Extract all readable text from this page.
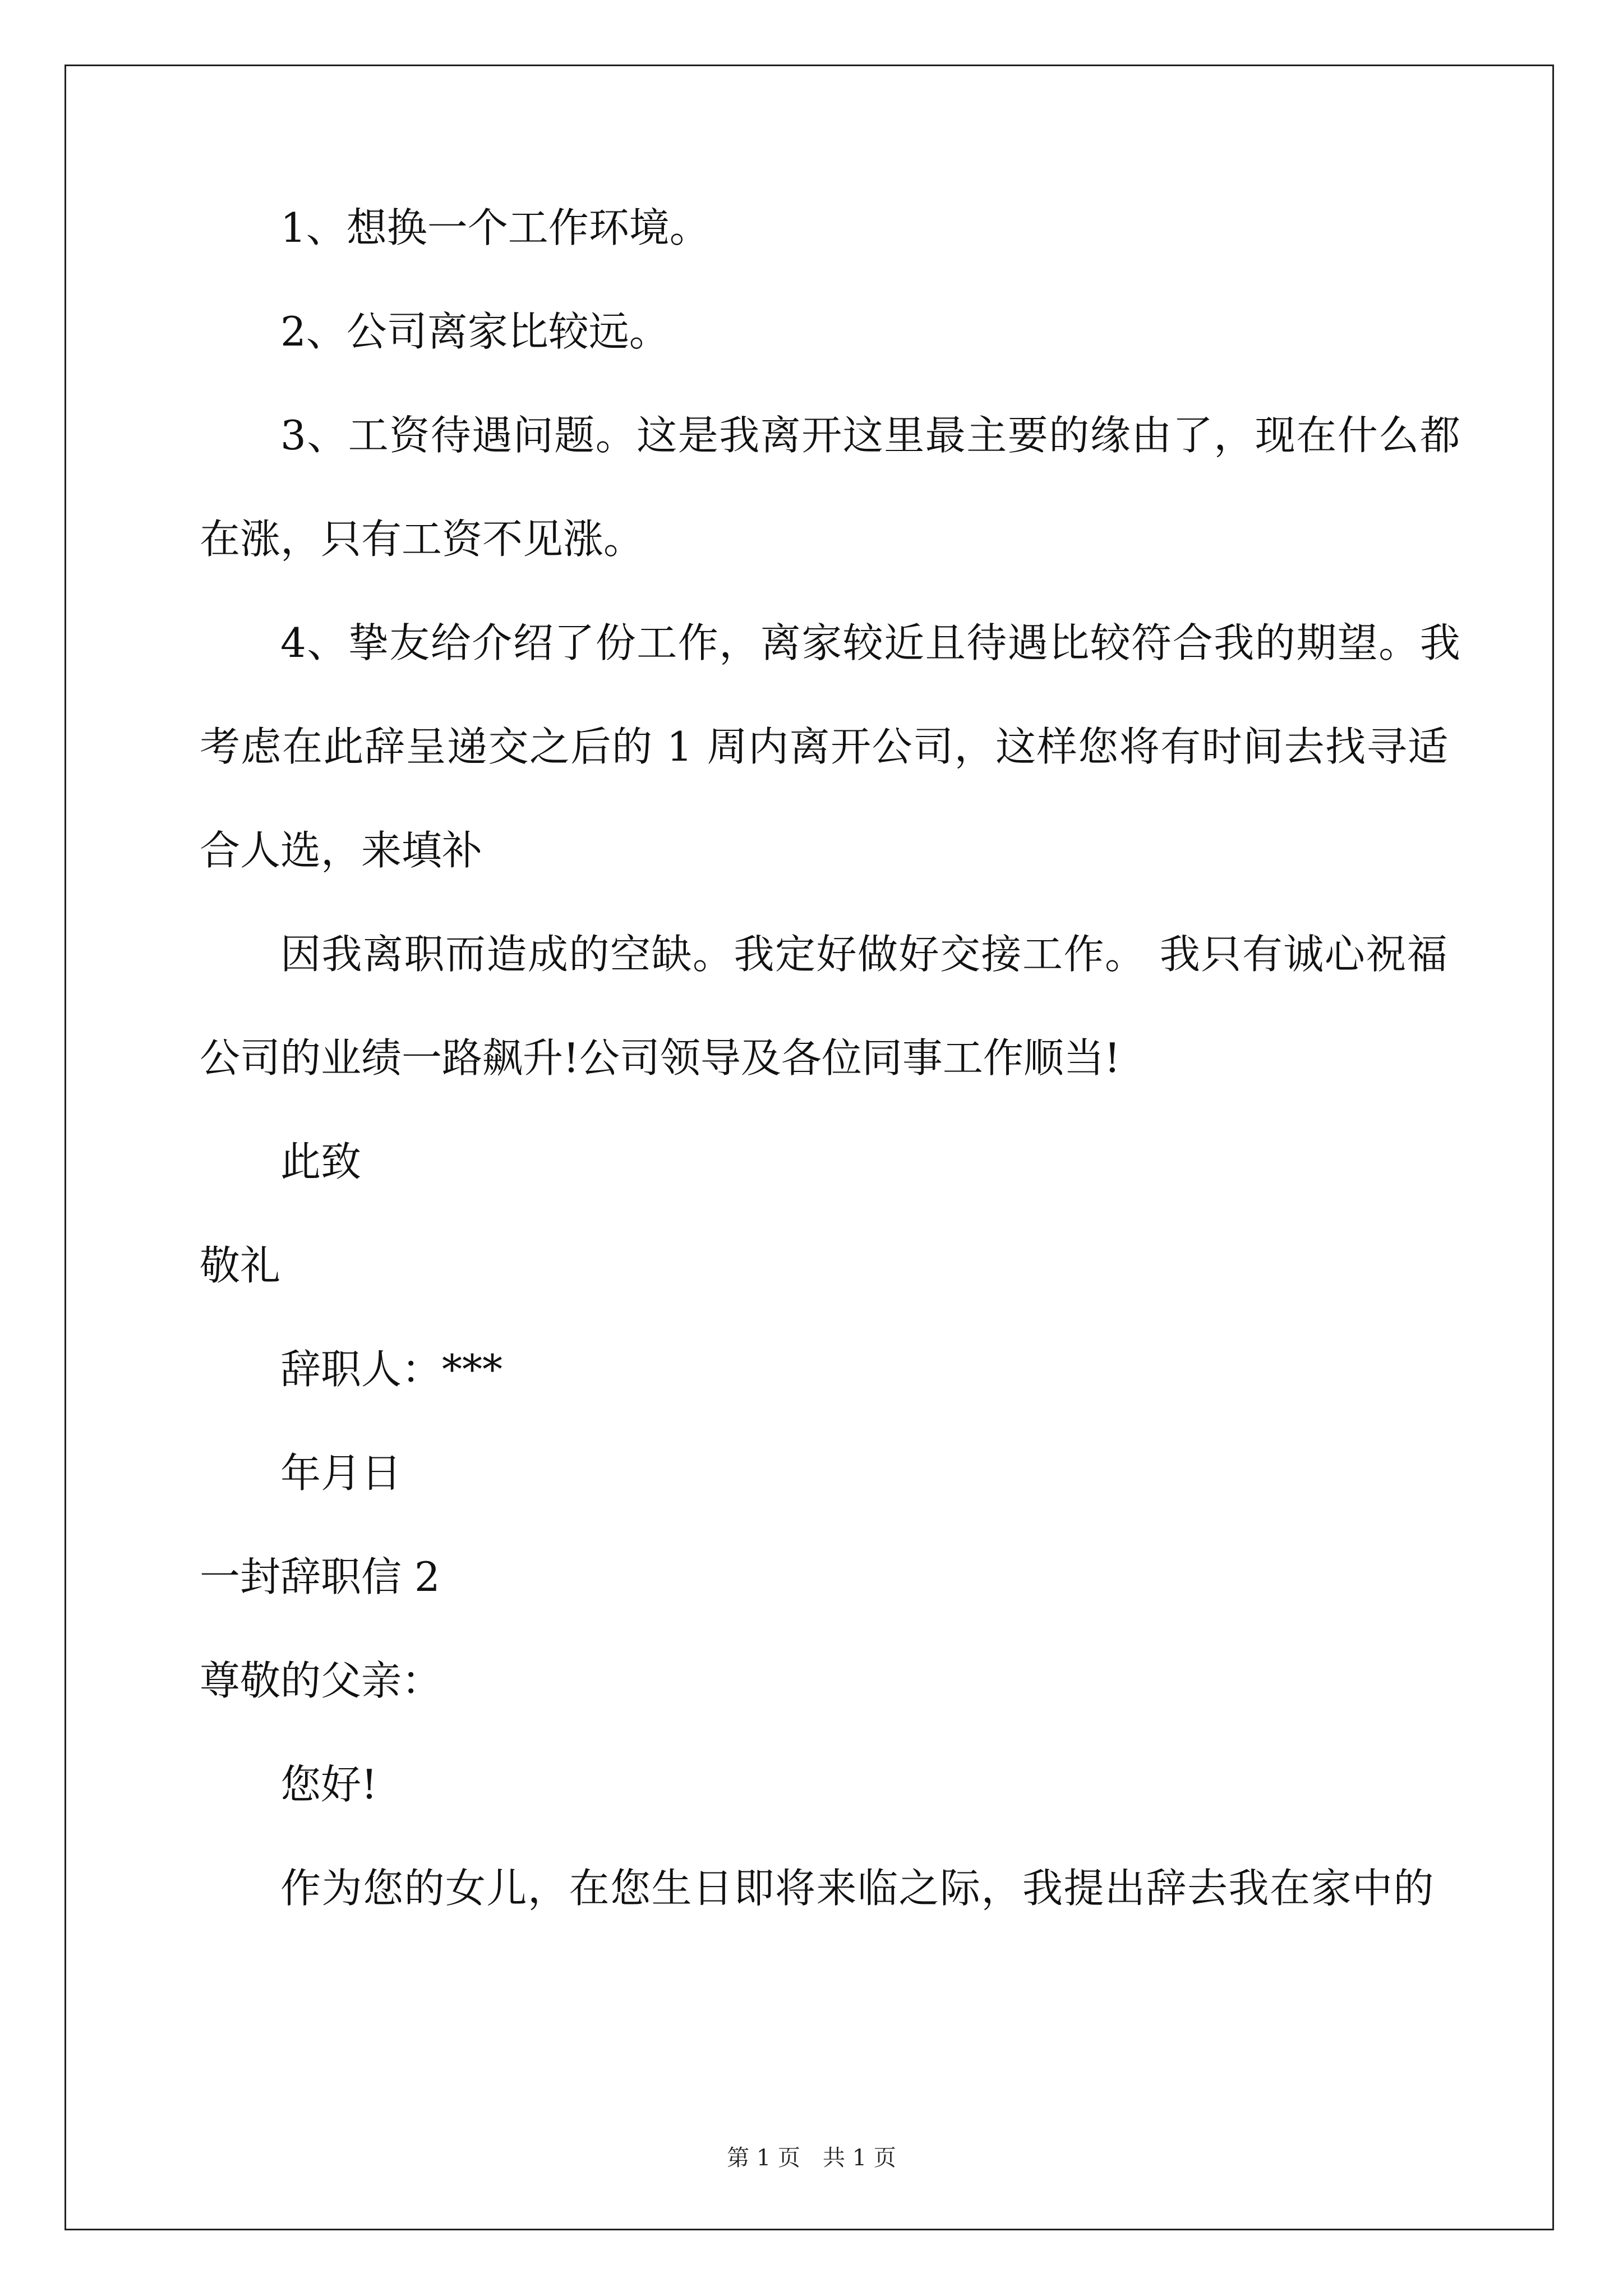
1、想换一个工作环境。
2、公司离家比较远。
3、工资待遇问题。这是我离开这里最主要的缘由了，现在什么都
在涨，只有工资不见涨。
4、挚友给介绍了份工作，离家较近且待遇比较符合我的期望。我
考虑在此辞呈递交之后的 1 周内离开公司，这样您将有时间去找寻适
合人选，来填补
因我离职而造成的空缺。我定好做好交接工作。 我只有诚心祝福
公司的业绩一路飙升!公司领导及各位同事工作顺当!
此致
敬礼
辞职人：***
年月日
一封辞职信 2
尊敬的父亲：
您好!
作为您的女儿，在您生日即将来临之际，我提出辞去我在家中的
第 1 页　共 1 页
